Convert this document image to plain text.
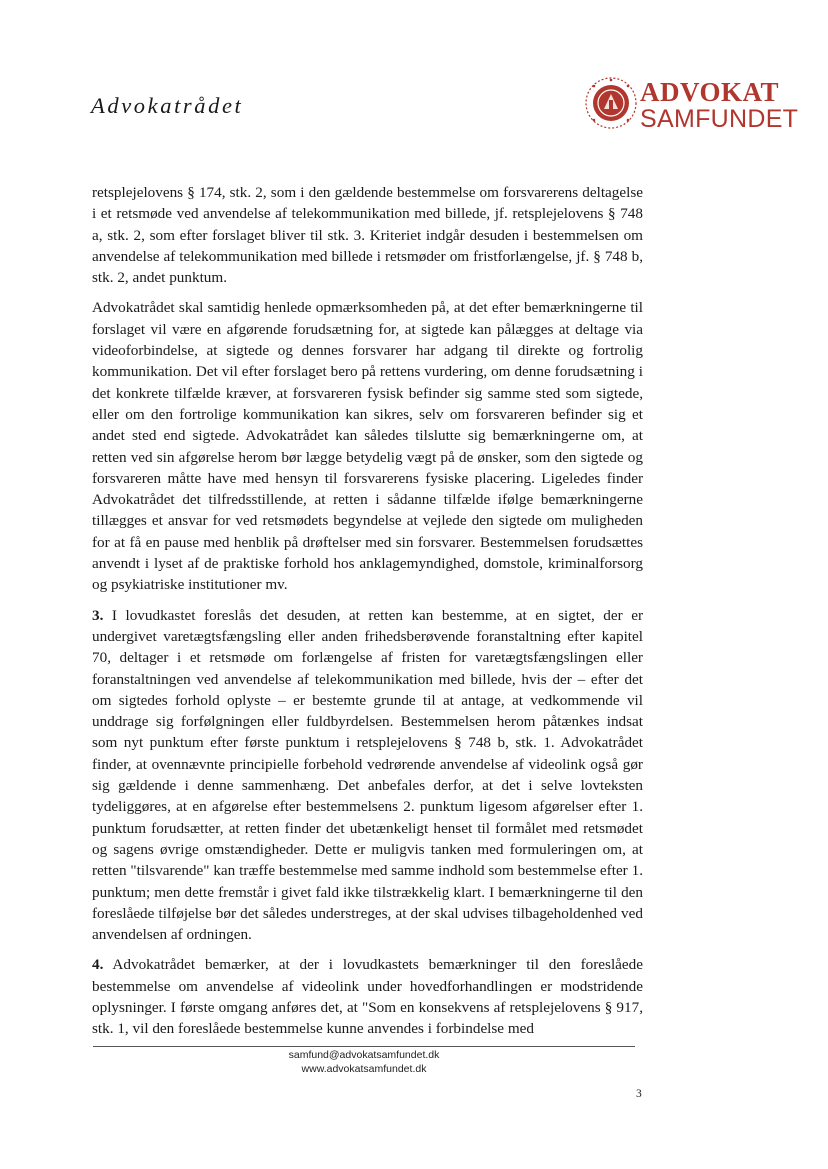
Advokatrådet	ADVOKAT
SAMFUNDET

retsplejelovens § 174, stk. 2, som i den gældende bestemmelse om forsvarerens deltagelse i et retsmøde ved anvendelse af telekommunikation med billede, jf. retsplejelovens § 748 a, stk. 2, som efter forslaget bliver til stk. 3. Kriteriet indgår desuden i bestemmelsen om anvendelse af telekommunikation med billede i retsmøder om fristforlængelse, jf. § 748 b, stk. 2, andet punktum.

Advokatrådet skal samtidig henlede opmærksomheden på, at det efter bemærkningerne til forslaget vil være en afgørende forudsætning for, at sigtede kan pålægges at deltage via videoforbindelse, at sigtede og dennes forsvarer har adgang til direkte og fortrolig kommunikation. Det vil efter forslaget bero på rettens vurdering, om denne forudsætning i det konkrete tilfælde kræver, at forsvareren fysisk befinder sig samme sted som sigtede, eller om den fortrolige kommunikation kan sikres, selv om forsvareren befinder sig et andet sted end sigtede. Advokatrådet kan således tilslutte sig bemærkningerne om, at retten ved sin afgørelse herom bør lægge betydelig vægt på de ønsker, som den sigtede og forsvareren måtte have med hensyn til forsvarerens fysiske placering. Ligeledes finder Advokatrådet det tilfredsstillende, at retten i sådanne tilfælde ifølge bemærkningerne tillægges et ansvar for ved retsmødets begyndelse at vejlede den sigtede om muligheden for at få en pause med henblik på drøftelser med sin forsvarer. Bestemmelsen forudsættes anvendt i lyset af de praktiske forhold hos anklagemyndighed, domstole, kriminalforsorg og psykiatriske institutioner mv.

3. I lovudkastet foreslås det desuden, at retten kan bestemme, at en sigtet, der er undergivet varetægtsfængsling eller anden frihedsberøvende foranstaltning efter kapitel 70, deltager i et retsmøde om forlængelse af fristen for varetægtsfængslingen eller foranstaltningen ved anvendelse af telekommunikation med billede, hvis der – efter det om sigtedes forhold oplyste – er bestemte grunde til at antage, at vedkommende vil unddrage sig forfølgningen eller fuldbyrdelsen. Bestemmelsen herom påtænkes indsat som nyt punktum efter første punktum i retsplejelovens § 748 b, stk. 1. Advokatrådet finder, at ovennævnte principielle forbehold vedrørende anvendelse af videolink også gør sig gældende i denne sammenhæng. Det anbefales derfor, at det i selve lovteksten tydeliggøres, at en afgørelse efter bestemmelsens 2. punktum ligesom afgørelser efter 1. punktum forudsætter, at retten finder det ubetænkeligt henset til formålet med retsmødet og sagens øvrige omstændigheder. Dette er muligvis tanken med formuleringen om, at retten "tilsvarende" kan træffe bestemmelse med samme indhold som bestemmelse efter 1. punktum; men dette fremstår i givet fald ikke tilstrækkelig klart. I bemærkningerne til den foreslåede tilføjelse bør det således understreges, at der skal udvises tilbageholdenhed ved anvendelsen af ordningen.

4. Advokatrådet bemærker, at der i lovudkastets bemærkninger til den foreslåede bestemmelse om anvendelse af videolink under hovedforhandlingen er modstridende oplysninger. I første omgang anføres det, at "Som en konsekvens af retsplejelovens § 917, stk. 1, vil den foreslåede bestemmelse kunne anvendes i forbindelse med

samfund@advokatsamfundet.dk
www.advokatsamfundet.dk
3
